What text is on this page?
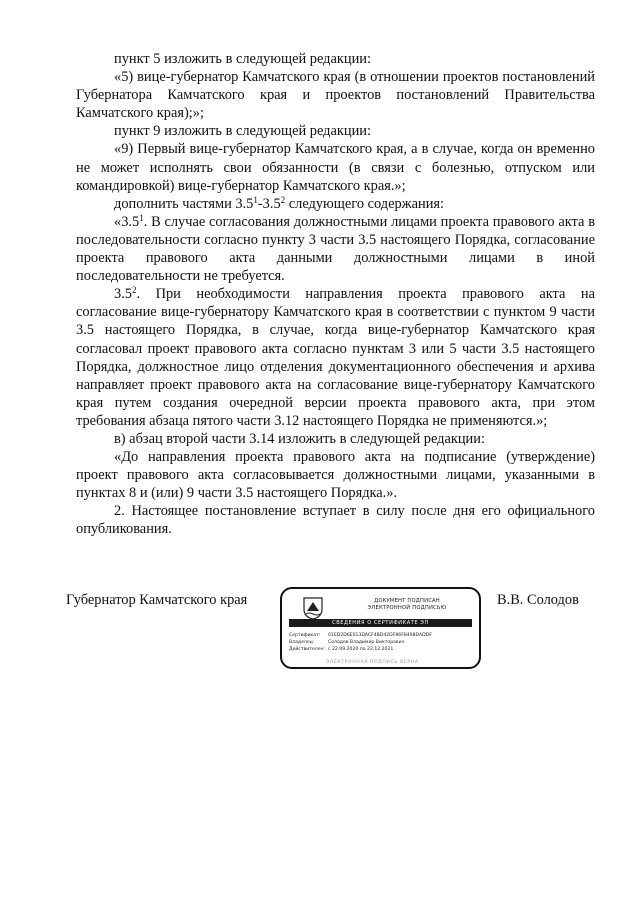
пункт 5 изложить в следующей редакции:

«5) вице-губернатор Камчатского края (в отношении проектов постановлений Губернатора Камчатского края и проектов постановлений Правительства Камчатского края);»;

пункт 9 изложить в следующей редакции:

«9) Первый вице-губернатор Камчатского края, а в случае, когда он временно не может исполнять свои обязанности (в связи с болезнью, отпуском или командировкой) вице-губернатор Камчатского края.»;

дополнить частями $3.5^1-3.5^2$ следующего содержания:

«$3.5^1$. В случае согласования должностными лицами проекта правового акта в последовательности согласно пункту 3 части 3.5 настоящего Порядка, согласование проекта правового акта данными должностными лицами в иной последовательности не требуется.

$3.5^2$. При необходимости направления проекта правового акта на согласование вице-губернатору Камчатского края в соответствии с пунктом 9 части 3.5 настоящего Порядка, в случае, когда вице-губернатор Камчатского края согласовал проект правового акта согласно пунктам 3 или 5 части 3.5 настоящего Порядка, должностное лицо отделения документационного обеспечения и архива направляет проект правового акта на согласование вице-губернатору Камчатского края путем создания очередной версии проекта правового акта, при этом требования абзаца пятого части 3.12 настоящего Порядка не применяются.»;

в) абзац второй части 3.14 изложить в следующей редакции:

«До направления проекта правового акта на подписание (утверждение) проект правового акта согласовывается должностными лицами, указанными в пунктах 8 и (или) 9 части 3.5 настоящего Порядка.».

2. Настоящее постановление вступает в силу после дня его официального опубликования.

Губернатор Камчатского края	В.В. Солодов
ДОКУМЕНТ ПОДПИСАН
ЭЛЕКТРОННОЙ ПОДПИСЬЮ
СВЕДЕНИЯ О СЕРТИФИКАТЕ ЭП
Сертификат: 01ED2D6E013DACF4BD42DF86F8498DADDF
Владелец:	Солодов Владимир Викторович
Действителен: с 22.09.2020 по 22.12.2021
ЭЛЕКТРОННАЯ ПОДПИСЬ ВЕРНА
